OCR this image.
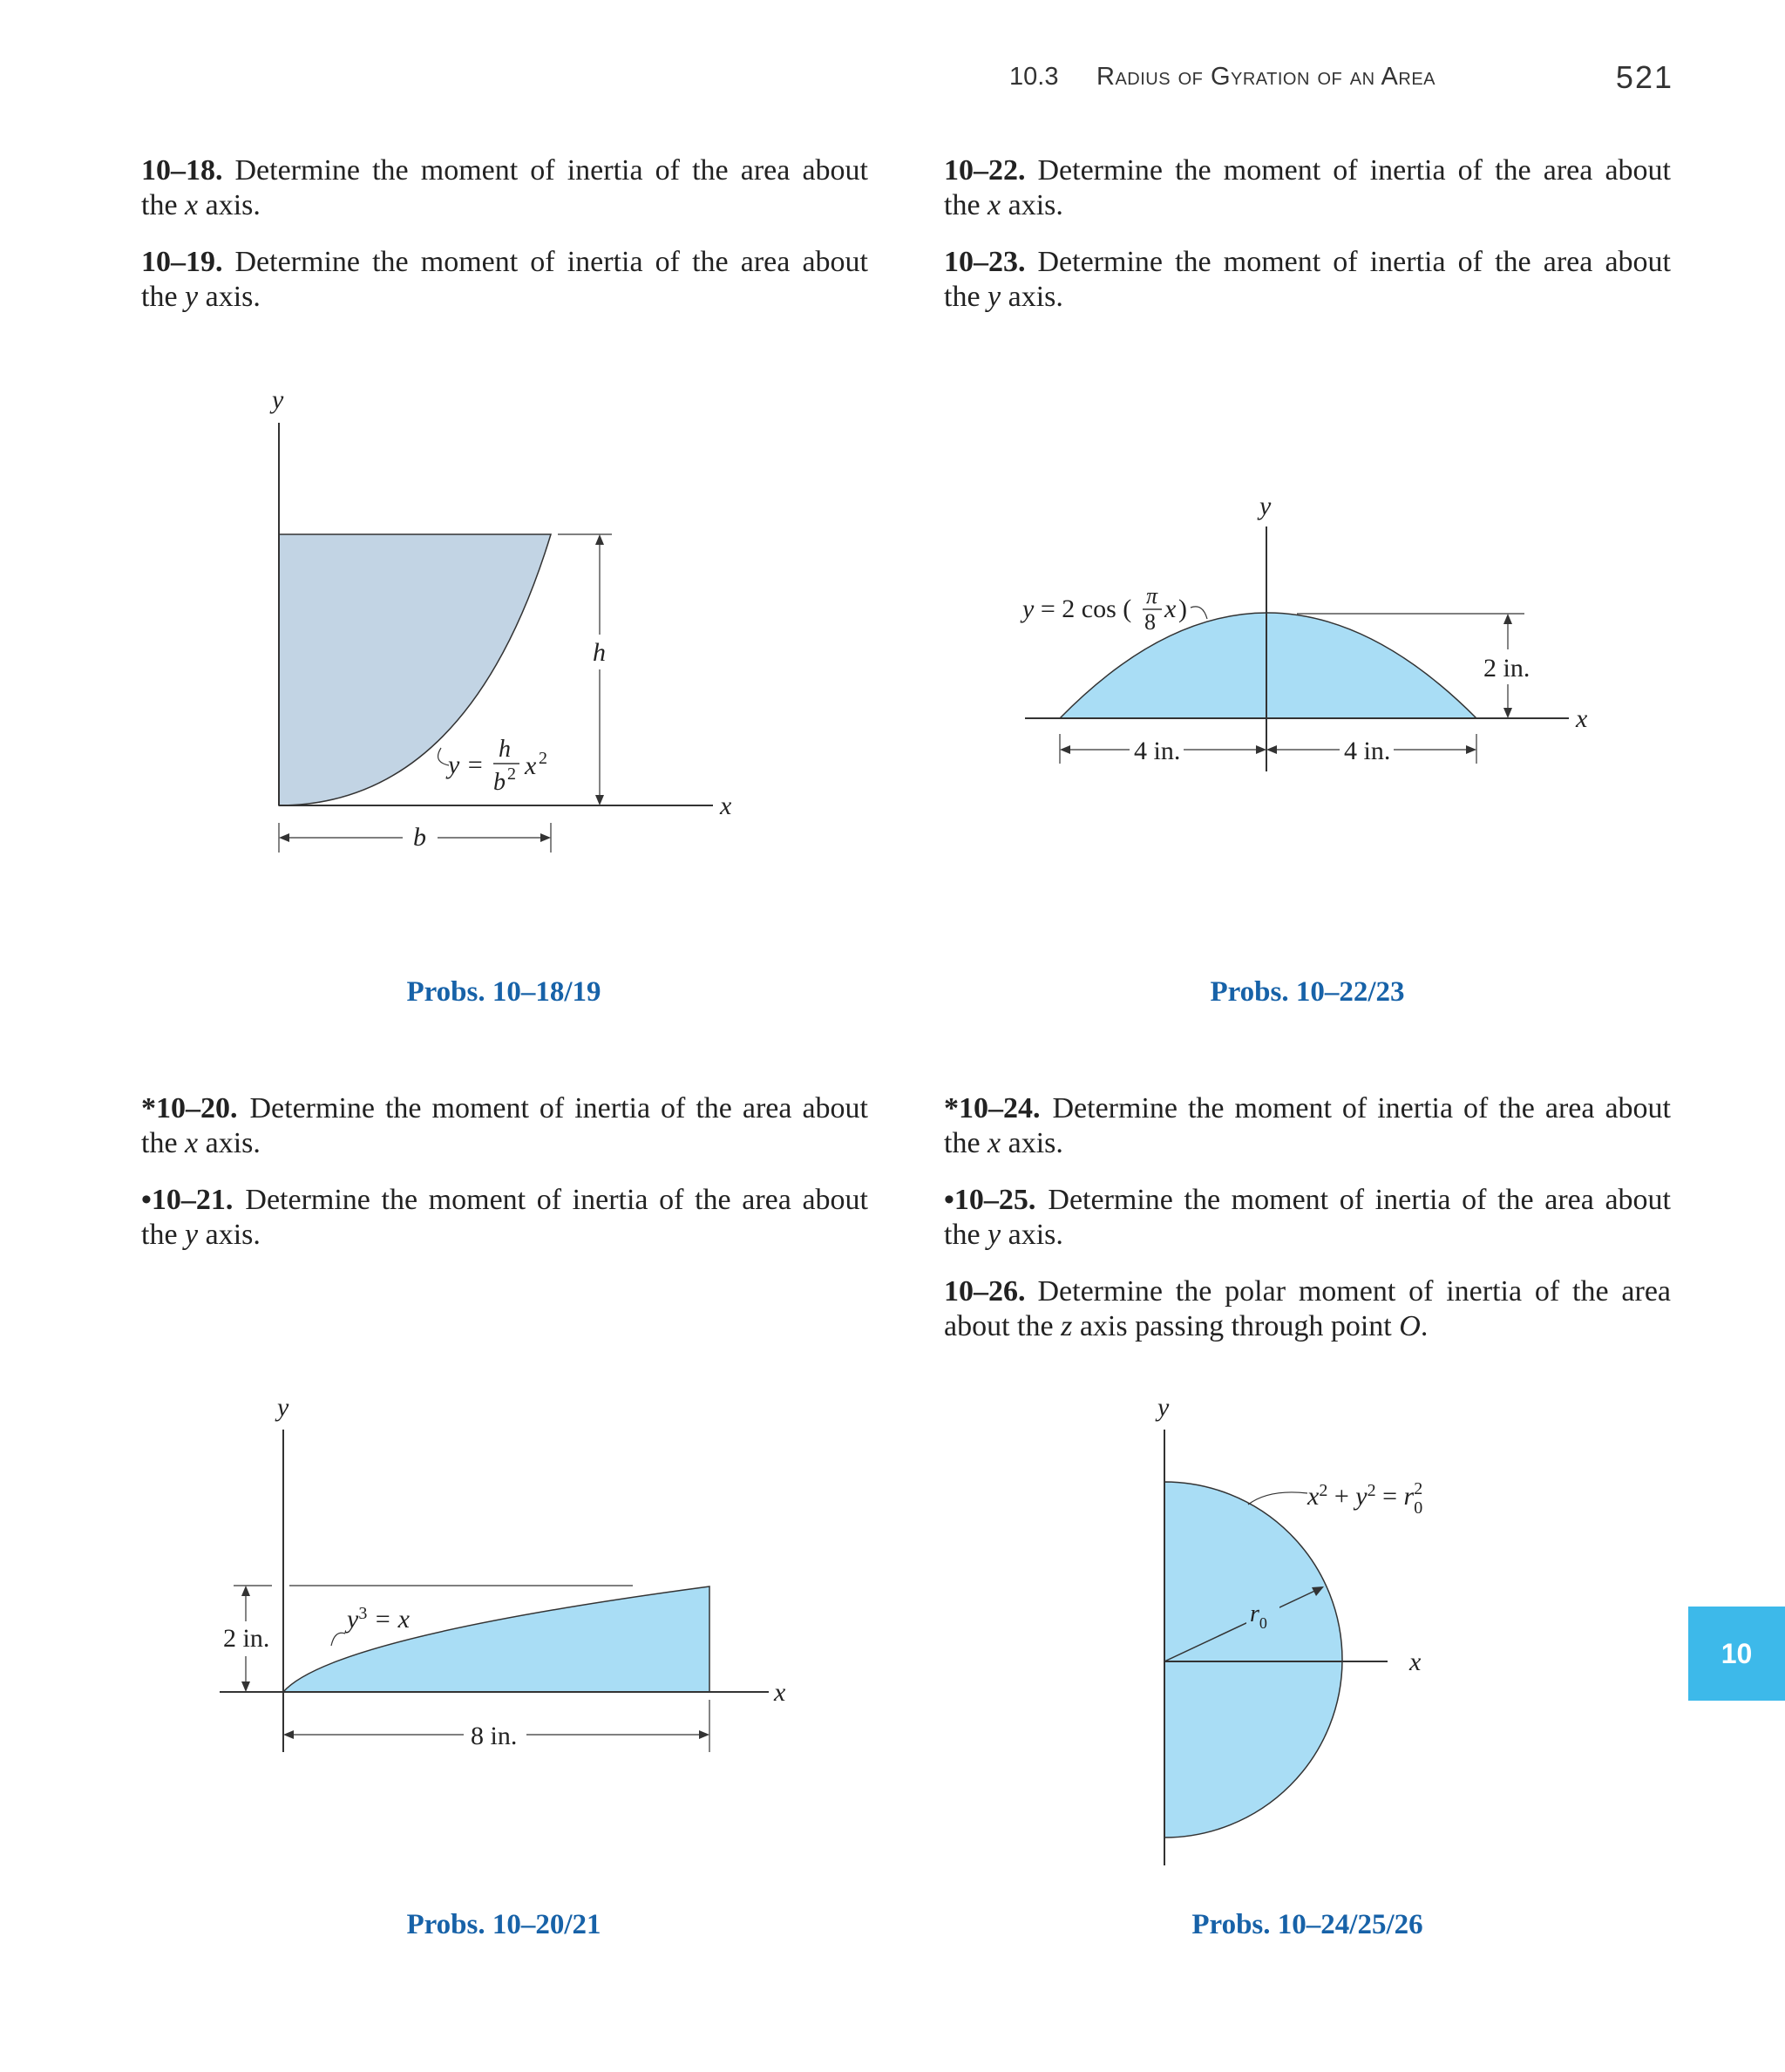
10.3 Radius of Gyration of an Area	521

10–18. Determine the moment of inertia of the area about the x axis.

10–19. Determine the moment of inertia of the area about the y axis.

10–22. Determine the moment of inertia of the area about the x axis.

10–23. Determine the moment of inertia of the area about the y axis.

*10–20. Determine the moment of inertia of the area about the x axis.

•10–21. Determine the moment of inertia of the area about the y axis.

*10–24. Determine the moment of inertia of the area about the x axis.

•10–25. Determine the moment of inertia of the area about the y axis.

10–26. Determine the polar moment of inertia of the area about the z axis passing through point O.

y
x
h
b
y =
h
b 2 x 2
y
x
y = 2 cos ( π
8 x )
2 in.
4 in.	4 in.
y
x
2 in.
$y^3 = x$
8 in.
y
x
$r_0$
$x^2 + y^2 = r^2$ 0
Probs. 10–18/19	Probs. 10–22/23
Probs. 10–20/21	Probs. 10–24/25/26
10
